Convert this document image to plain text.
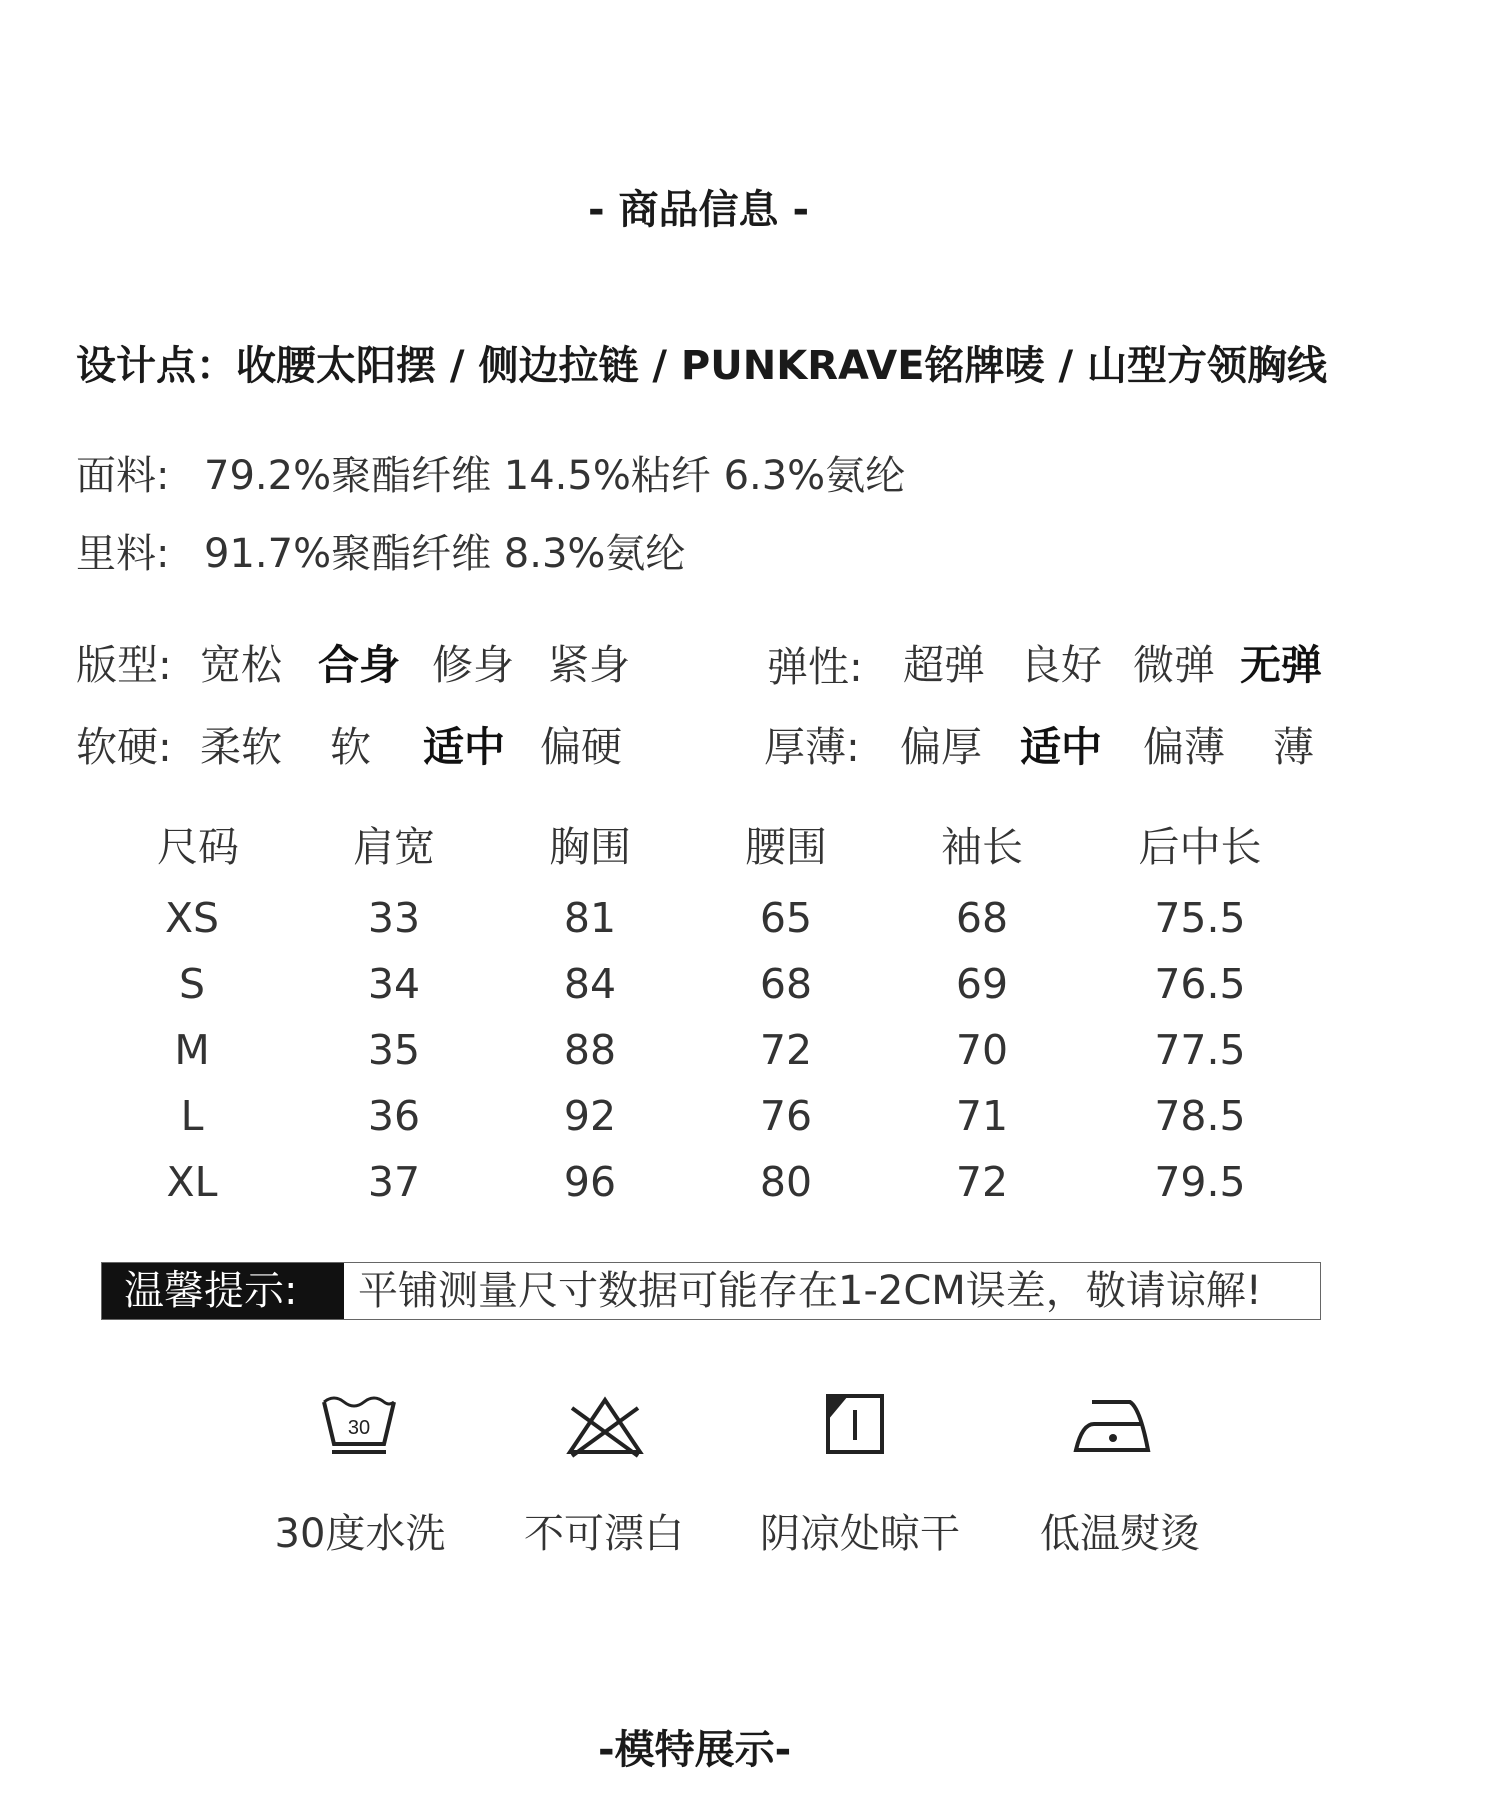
- 商品信息 -
设计点：收腰太阳摆 / 侧边拉链 / PUNKRAVE铭牌唛 / 山型方领胸线
面料: 79.2%聚酯纤维 14.5%粘纤 6.3%氨纶
里料: 91.7%聚酯纤维 8.3%氨纶
版型: 宽松 合身 修身 紧身	弹性: 超弹 良好 微弹 无弹
软硬: 柔软 软 适中 偏硬	厚薄: 偏厚 适中 偏薄 薄
尺码	肩宽	胸围	腰围	袖长	后中长
XS	33	81	65	68	75.5
S	34	84	68	69	76.5
M	35	88	72	70	77.5
L	36	92	76	71	78.5
XL	37	96	80	72	79.5
温馨提示:	平铺测量尺寸数据可能存在1-2CM误差，敬请谅解!
30
30度水洗	不可漂白	阴凉处晾干	低温熨烫
-模特展示-
